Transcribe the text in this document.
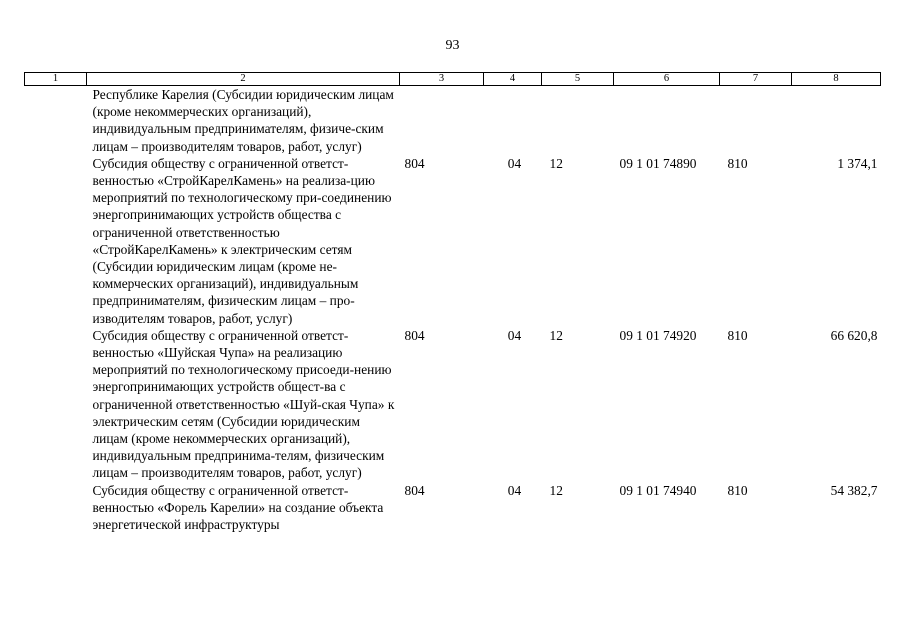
93
1	2	3	4	5	6	7	8
	Республике Карелия (Субсидии юридическим лицам (кроме некоммерческих организаций), индивидуальным предпринимателям, физиче-ским лицам – производителям товаров, работ, услуг)						
	Субсидия обществу с ограниченной ответст-венностью «СтройКарелКамень» на реализа-цию мероприятий по технологическому при-соединению энергопринимающих устройств общества с ограниченной ответственностью «СтройКарелКамень» к электрическим сетям (Субсидии юридическим лицам (кроме не-коммерческих организаций), индивидуальным предпринимателям, физическим лицам – про-изводителям товаров, работ, услуг)	804	04	12	09 1 01 74890	810	1 374,1
	Субсидия обществу с ограниченной ответст-венностью «Шуйская Чупа» на реализацию мероприятий по технологическому присоеди-нению энергопринимающих устройств общест-ва с ограниченной ответственностью «Шуй-ская Чупа» к электрическим сетям (Субсидии юридическим лицам (кроме некоммерческих организаций), индивидуальным предпринима-телям, физическим лицам – производителям товаров, работ, услуг)	804	04	12	09 1 01 74920	810	66 620,8
	Субсидия обществу с ограниченной ответст-венностью «Форель Карелии» на создание объекта энергетической инфраструктуры	804	04	12	09 1 01 74940	810	54 382,7
